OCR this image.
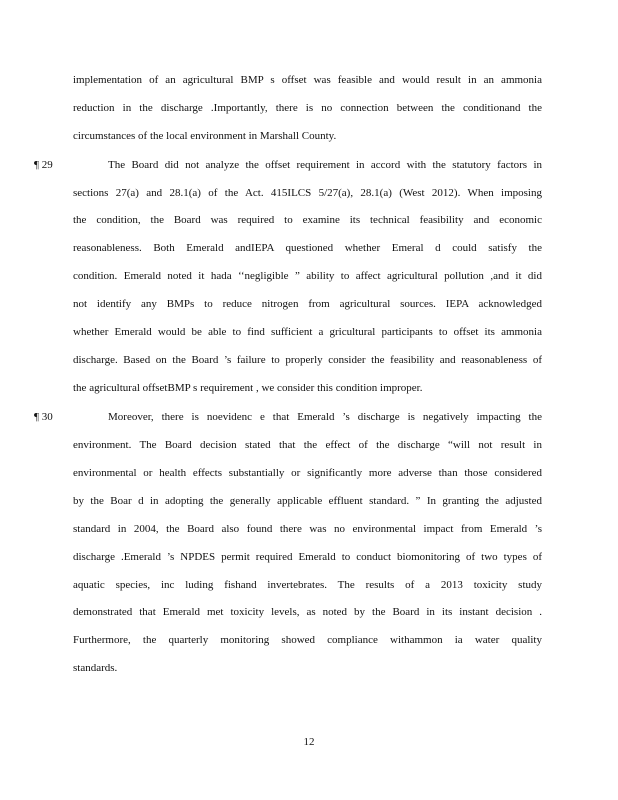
implementation of an agricultural BMP s offset was feasible and would result in an ammonia
reduction in the discharge .Importantly, there is no connection between the conditionand the
circumstances of the local environment in Marshall County.
¶ 29	The Board did not analyze the offset requirement in accord with the statutory factors in
sections 27(a) and 28.1(a) of the Act. 415ILCS 5/27(a), 28.1(a) (West 2012). When imposing
the condition, the Board was required to examine its technical feasibility and economic
reasonableness. Both Emerald andIEPA questioned whether Emeral d could satisfy the
condition. Emerald noted it hada ‘‘negligible ” ability to affect agricultural pollution ,and it did
not identify any BMPs to reduce nitrogen from agricultural sources. IEPA acknowledged
whether Emerald would be able to find sufficient a gricultural participants to offset its ammonia
discharge. Based on the Board ’s failure to properly consider the feasibility and reasonableness of
the agricultural offsetBMP s requirement , we consider this condition improper.
¶ 30	Moreover, there is noevidenc e that Emerald ’s discharge is negatively impacting the
environment. The Board decision stated that the effect of the discharge “will not result in
environmental or health effects substantially or significantly more adverse than those considered
by the Boar d in adopting the generally applicable effluent standard. ” In granting the adjusted
standard in 2004, the Board also found there was no environmental impact from Emerald ’s
discharge .Emerald ’s NPDES permit required Emerald to conduct biomonitoring of two types of
aquatic species, inc luding fishand invertebrates. The results of a 2013 toxicity study
demonstrated that Emerald met toxicity levels, as noted by the Board in its instant decision .
Furthermore, the quarterly monitoring showed compliance withammon ia water quality
standards.
12
